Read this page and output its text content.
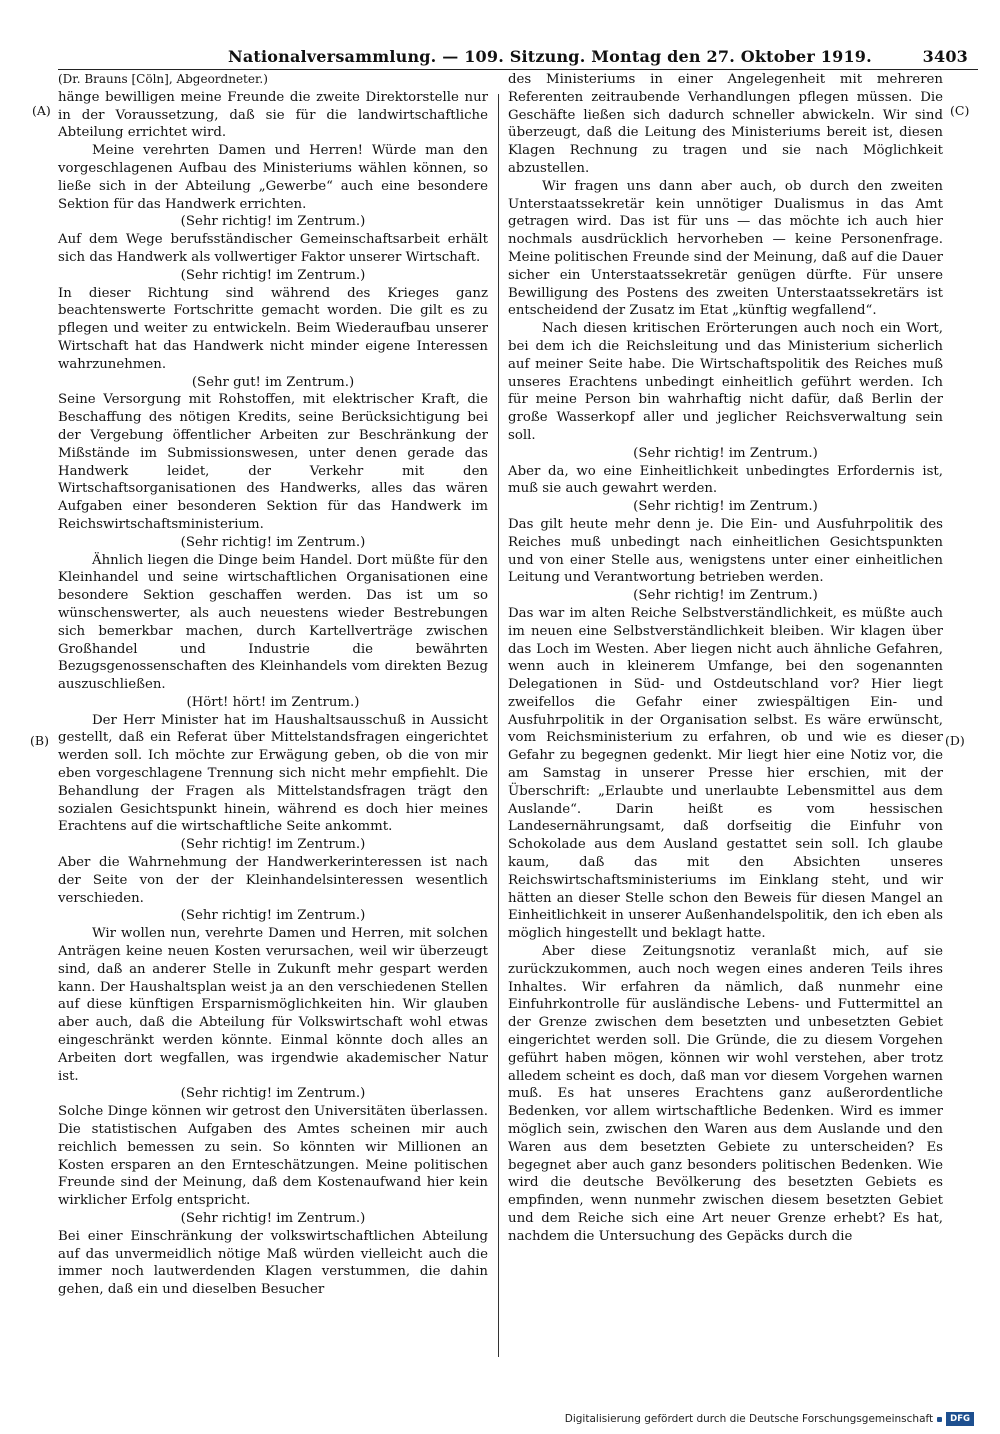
Nationalversammlung. — 109. Sitzung. Montag den 27. Oktober 1919.	3403
(A)
(B)
(C)
(D)

(Dr. Brauns [Cöln], Abgeordneter.)

hänge bewilligen meine Freunde die zweite Direktorstelle nur in der Voraussetzung, daß sie für die landwirtschaftliche Abteilung errichtet wird.

Meine verehrten Damen und Herren! Würde man den vorgeschlagenen Aufbau des Ministeriums wählen können, so ließe sich in der Abteilung „Gewerbe“ auch eine besondere Sektion für das Handwerk errichten.

(Sehr richtig! im Zentrum.)

Auf dem Wege berufsständischer Gemeinschaftsarbeit erhält sich das Handwerk als vollwertiger Faktor unserer Wirtschaft.

(Sehr richtig! im Zentrum.)

In dieser Richtung sind während des Krieges ganz beachtenswerte Fortschritte gemacht worden. Die gilt es zu pflegen und weiter zu entwickeln. Beim Wiederaufbau unserer Wirtschaft hat das Handwerk nicht minder eigene Interessen wahrzunehmen.

(Sehr gut! im Zentrum.)

Seine Versorgung mit Rohstoffen, mit elektrischer Kraft, die Beschaffung des nötigen Kredits, seine Berücksichtigung bei der Vergebung öffentlicher Arbeiten zur Beschränkung der Mißstände im Submissionswesen, unter denen gerade das Handwerk leidet, der Verkehr mit den Wirtschaftsorganisationen des Handwerks, alles das wären Aufgaben einer besonderen Sektion für das Handwerk im Reichswirtschaftsministerium.

(Sehr richtig! im Zentrum.)

Ähnlich liegen die Dinge beim Handel. Dort müßte für den Kleinhandel und seine wirtschaftlichen Organisationen eine besondere Sektion geschaffen werden. Das ist um so wünschenswerter, als auch neuestens wieder Bestrebungen sich bemerkbar machen, durch Kartellverträge zwischen Großhandel und Industrie die bewährten Bezugsgenossenschaften des Kleinhandels vom direkten Bezug auszuschließen.

(Hört! hört! im Zentrum.)

Der Herr Minister hat im Haushaltsausschuß in Aussicht gestellt, daß ein Referat über Mittelstandsfragen eingerichtet werden soll. Ich möchte zur Erwägung geben, ob die von mir eben vorgeschlagene Trennung sich nicht mehr empfiehlt. Die Behandlung der Fragen als Mittelstandsfragen trägt den sozialen Gesichtspunkt hinein, während es doch hier meines Erachtens auf die wirtschaftliche Seite ankommt.

(Sehr richtig! im Zentrum.)

Aber die Wahrnehmung der Handwerkerinteressen ist nach der Seite von der der Kleinhandelsinteressen wesentlich verschieden.

(Sehr richtig! im Zentrum.)

Wir wollen nun, verehrte Damen und Herren, mit solchen Anträgen keine neuen Kosten verursachen, weil wir überzeugt sind, daß an anderer Stelle in Zukunft mehr gespart werden kann. Der Haushaltsplan weist ja an den verschiedenen Stellen auf diese künftigen Ersparnismöglichkeiten hin. Wir glauben aber auch, daß die Abteilung für Volkswirtschaft wohl etwas eingeschränkt werden könnte. Einmal könnte doch alles an Arbeiten dort wegfallen, was irgendwie akademischer Natur ist.

(Sehr richtig! im Zentrum.)

Solche Dinge können wir getrost den Universitäten überlassen. Die statistischen Aufgaben des Amtes scheinen mir auch reichlich bemessen zu sein. So könnten wir Millionen an Kosten ersparen an den Ernteschätzungen. Meine politischen Freunde sind der Meinung, daß dem Kostenaufwand hier kein wirklicher Erfolg entspricht.

(Sehr richtig! im Zentrum.)

Bei einer Einschränkung der volkswirtschaftlichen Abteilung auf das unvermeidlich nötige Maß würden vielleicht auch die immer noch lautwerdenden Klagen verstummen, die dahin gehen, daß ein und dieselben Besucher

des Ministeriums in einer Angelegenheit mit mehreren Referenten zeitraubende Verhandlungen pflegen müssen. Die Geschäfte ließen sich dadurch schneller abwickeln. Wir sind überzeugt, daß die Leitung des Ministeriums bereit ist, diesen Klagen Rechnung zu tragen und sie nach Möglichkeit abzustellen.

Wir fragen uns dann aber auch, ob durch den zweiten Unterstaatssekretär kein unnötiger Dualismus in das Amt getragen wird. Das ist für uns — das möchte ich auch hier nochmals ausdrücklich hervorheben — keine Personenfrage. Meine politischen Freunde sind der Meinung, daß auf die Dauer sicher ein Unterstaatssekretär genügen dürfte. Für unsere Bewilligung des Postens des zweiten Unterstaatssekretärs ist entscheidend der Zusatz im Etat „künftig wegfallend“.

Nach diesen kritischen Erörterungen auch noch ein Wort, bei dem ich die Reichsleitung und das Ministerium sicherlich auf meiner Seite habe. Die Wirtschaftspolitik des Reiches muß unseres Erachtens unbedingt einheitlich geführt werden. Ich für meine Person bin wahrhaftig nicht dafür, daß Berlin der große Wasserkopf aller und jeglicher Reichsverwaltung sein soll.

(Sehr richtig! im Zentrum.)

Aber da, wo eine Einheitlichkeit unbedingtes Erfordernis ist, muß sie auch gewahrt werden.

(Sehr richtig! im Zentrum.)

Das gilt heute mehr denn je. Die Ein- und Ausfuhrpolitik des Reiches muß unbedingt nach einheitlichen Gesichtspunkten und von einer Stelle aus, wenigstens unter einer einheitlichen Leitung und Verantwortung betrieben werden.

(Sehr richtig! im Zentrum.)

Das war im alten Reiche Selbstverständlichkeit, es müßte auch im neuen eine Selbstverständlichkeit bleiben. Wir klagen über das Loch im Westen. Aber liegen nicht auch ähnliche Gefahren, wenn auch in kleinerem Umfange, bei den sogenannten Delegationen in Süd- und Ostdeutschland vor? Hier liegt zweifellos die Gefahr einer zwiespältigen Ein- und Ausfuhrpolitik in der Organisation selbst. Es wäre erwünscht, vom Reichsministerium zu erfahren, ob und wie es dieser Gefahr zu begegnen gedenkt. Mir liegt hier eine Notiz vor, die am Samstag in unserer Presse hier erschien, mit der Überschrift: „Erlaubte und unerlaubte Lebensmittel aus dem Auslande“. Darin heißt es vom hessischen Landesernährungsamt, daß dorfseitig die Einfuhr von Schokolade aus dem Ausland gestattet sein soll. Ich glaube kaum, daß das mit den Absichten unseres Reichswirtschaftsministeriums im Einklang steht, und wir hätten an dieser Stelle schon den Beweis für diesen Mangel an Einheitlichkeit in unserer Außenhandelspolitik, den ich eben als möglich hingestellt und beklagt hatte.

Aber diese Zeitungsnotiz veranlaßt mich, auf sie zurückzukommen, auch noch wegen eines anderen Teils ihres Inhaltes. Wir erfahren da nämlich, daß nunmehr eine Einfuhrkontrolle für ausländische Lebens- und Futtermittel an der Grenze zwischen dem besetzten und unbesetzten Gebiet eingerichtet werden soll. Die Gründe, die zu diesem Vorgehen geführt haben mögen, können wir wohl verstehen, aber trotz alledem scheint es doch, daß man vor diesem Vorgehen warnen muß. Es hat unseres Erachtens ganz außerordentliche Bedenken, vor allem wirtschaftliche Bedenken. Wird es immer möglich sein, zwischen den Waren aus dem Auslande und den Waren aus dem besetzten Gebiete zu unterscheiden? Es begegnet aber auch ganz besonders politischen Bedenken. Wie wird die deutsche Bevölkerung des besetzten Gebiets es empfinden, wenn nunmehr zwischen diesem besetzten Gebiet und dem Reiche sich eine Art neuer Grenze erhebt? Es hat, nachdem die Untersuchung des Gepäcks durch die

Digitalisierung gefördert durch die Deutsche Forschungsgemeinschaft	DFG
